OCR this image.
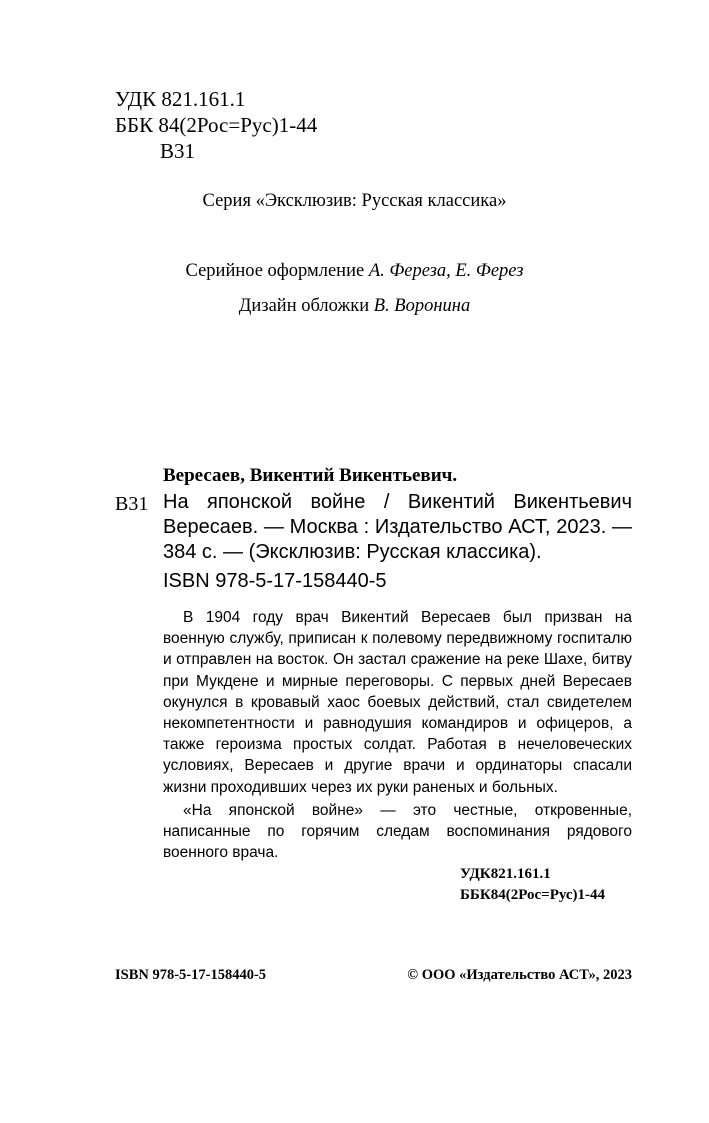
УДК 821.161.1
ББК 84(2Рос=Рус)1-44
В31
Серия «Эксклюзив: Русская классика»
Серийное оформление А. Фереза, Е. Ферез
Дизайн обложки В. Воронина
Вересаев, Викентий Викентьевич.
В31 На японской войне / Викентий Викентьевич Вересаев. — Москва : Издательство АСТ, 2023. — 384 с. — (Эксклюзив: Русская классика).
ISBN 978-5-17-158440-5

В 1904 году врач Викентий Вересаев был призван на военную службу, приписан к полевому передвижному госпиталю и отправлен на восток. Он застал сражение на реке Шахе, битву при Мукдене и мирные переговоры. С первых дней Вересаев окунулся в кровавый хаос боевых действий, стал свидетелем некомпетентности и равнодушия командиров и офицеров, а также героизма простых солдат. Работая в нечеловеческих условиях, Вересаев и другие врачи и ординаторы спасали жизни проходивших через их руки раненых и больных.

«На японской войне» — это честные, откровенные, написанные по горячим следам воспоминания рядового военного врача.

УДК821.161.1
ББК84(2Рос=Рус)1-44
ISBN 978-5-17-158440-5	© ООО «Издательство АСТ», 2023
